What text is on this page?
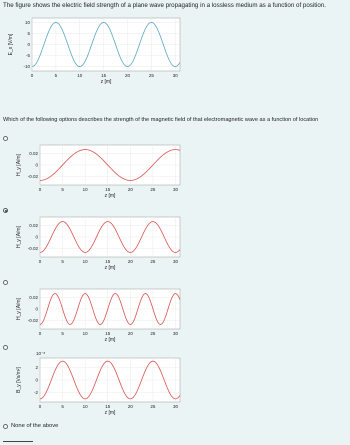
The figure shows the electric field strength of a plane wave propagating in a lossless medium as a function of position.
0	5	10	15	20	25	30
10
5
0
-5
-10
z [m]
E_x [V/m]
Which of the following options describes the strength of the magnetic field of that electromagnetic wave as a function of location
0	5	10	15	20	25	30
0.02
0
-0.02
z [m]
H_y [A/m]
0	5	10	15	20	25	30
0.02
0
-0.02
z [m]
H_y [A/m]
0	5	10	15	20	25	30
0.02
0
-0.02
z [m]
H_y [A/m]
0	5	10	15	20	25	30
2
0
-2
10⁻⁸
z [m]
B_y [Vs/m²]
None of the above
